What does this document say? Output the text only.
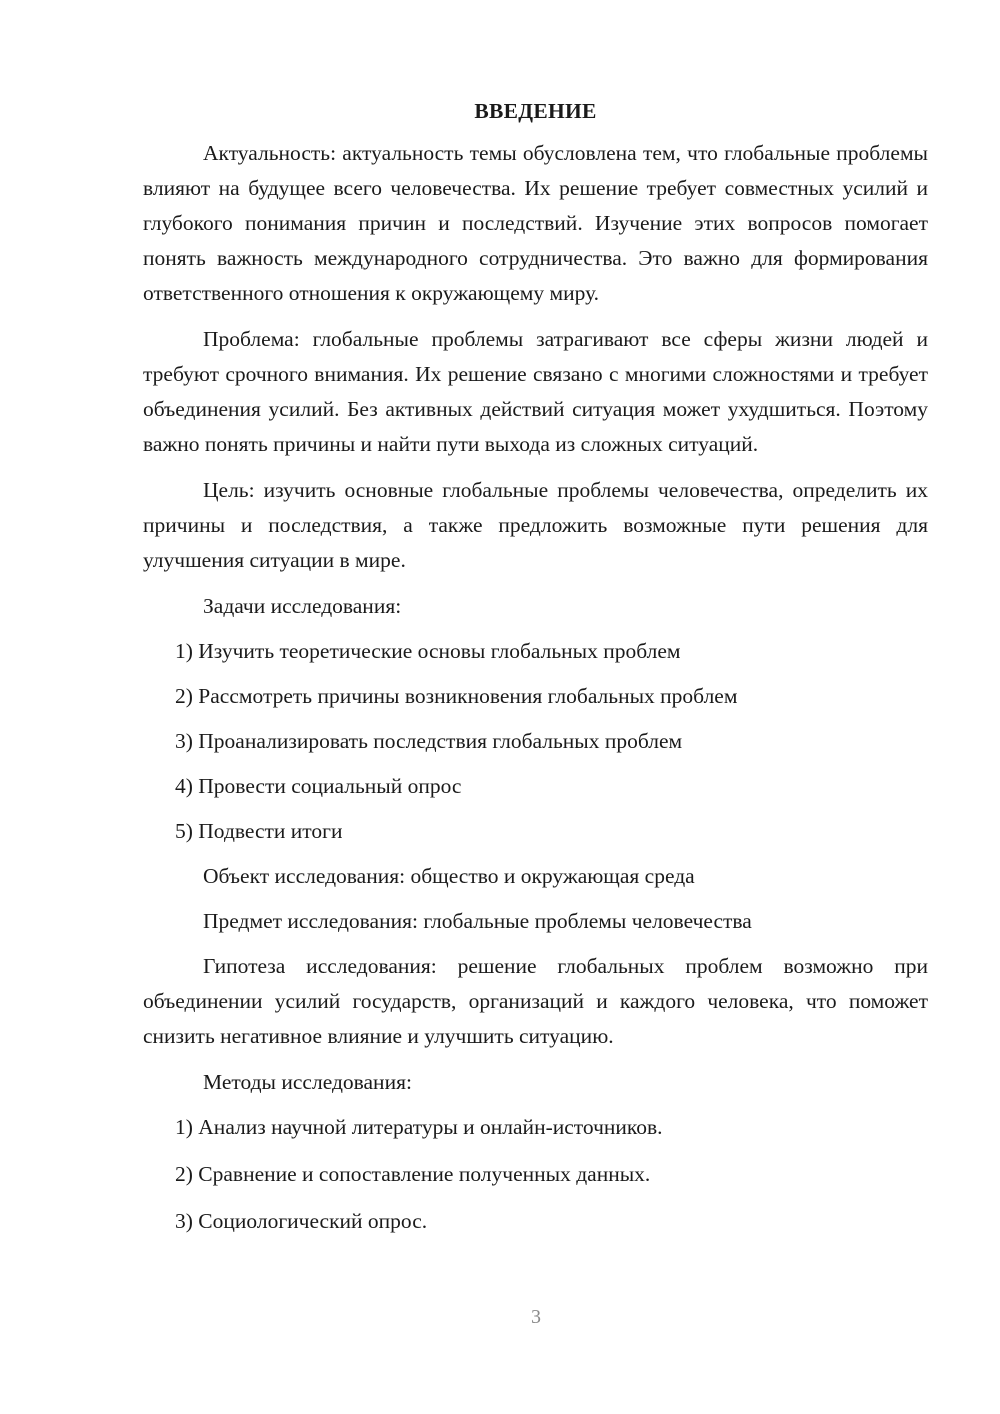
ВВЕДЕНИЕ

Актуальность: актуальность темы обусловлена тем, что глобальные проблемы влияют на будущее всего человечества. Их решение требует совместных усилий и глубокого понимания причин и последствий. Изучение этих вопросов помогает понять важность международного сотрудничества. Это важно для формирования ответственного отношения к окружающему миру.

Проблема: глобальные проблемы затрагивают все сферы жизни людей и требуют срочного внимания. Их решение связано с многими сложностями и требует объединения усилий. Без активных действий ситуация может ухудшиться. Поэтому важно понять причины и найти пути выхода из сложных ситуаций.

Цель: изучить основные глобальные проблемы человечества, определить их причины и последствия, а также предложить возможные пути решения для улучшения ситуации в мире.

Задачи исследования:
1) Изучить теоретические основы глобальных проблем
2) Рассмотреть причины возникновения глобальных проблем
3) Проанализировать последствия глобальных проблем
4) Провести социальный опрос
5) Подвести итоги
Объект исследования: общество и окружающая среда
Предмет исследования: глобальные проблемы человечества

Гипотеза исследования: решение глобальных проблем возможно при объединении усилий государств, организаций и каждого человека, что поможет снизить негативное влияние и улучшить ситуацию.

Методы исследования:
1) Анализ научной литературы и онлайн-источников.
2) Сравнение и сопоставление полученных данных.
3) Социологический опрос.
3
